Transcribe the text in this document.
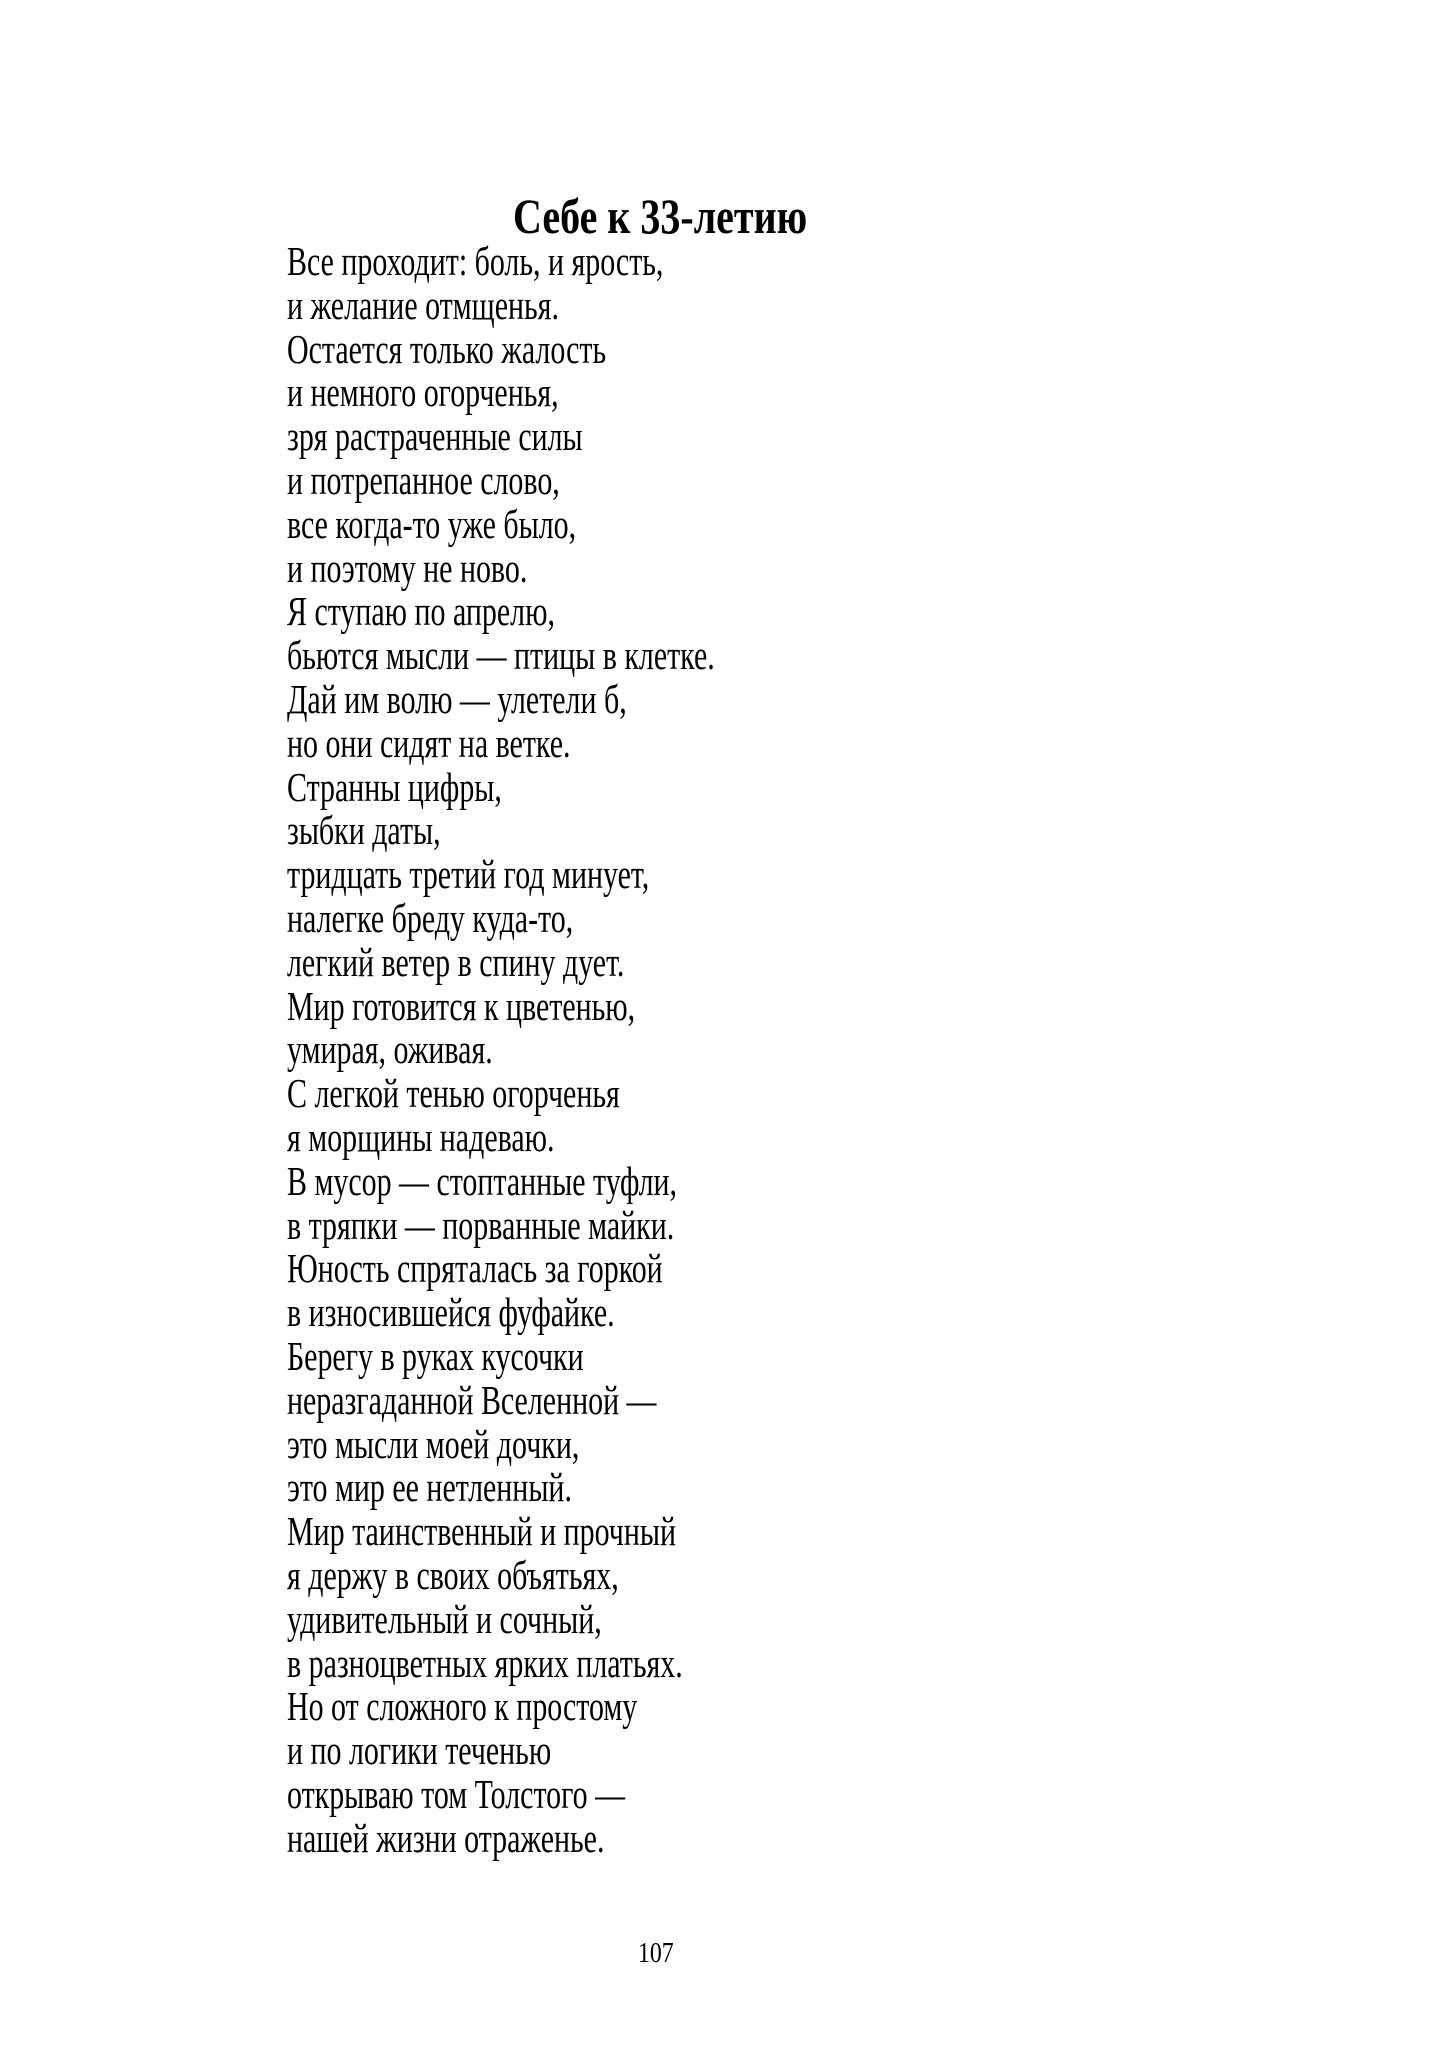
Себе к 33-летию
Все проходит: боль, и ярость,
и желание отмщенья.
Остается только жалость
и немного огорченья,
зря растраченные силы
и потрепанное слово,
все когда-то уже было,
и поэтому не ново.
Я ступаю по апрелю,
бьются мысли — птицы в клетке.
Дай им волю — улетели б,
но они сидят на ветке.
Странны цифры,
зыбки даты,
тридцать третий год минует,
налегке бреду куда-то,
легкий ветер в спину дует.
Мир готовится к цветенью,
умирая, оживая.
С легкой тенью огорченья
я морщины надеваю.
В мусор — стоптанные туфли,
в тряпки — порванные майки.
Юность спряталась за горкой
в износившейся фуфайке.
Берегу в руках кусочки
неразгаданной Вселенной —
это мысли моей дочки,
это мир ее нетленный.
Мир таинственный и прочный
я держу в своих объятьях,
удивительный и сочный,
в разноцветных ярких платьях.
Но от сложного к простому
и по логики теченью
открываю том Толстого —
нашей жизни отраженье.
107
